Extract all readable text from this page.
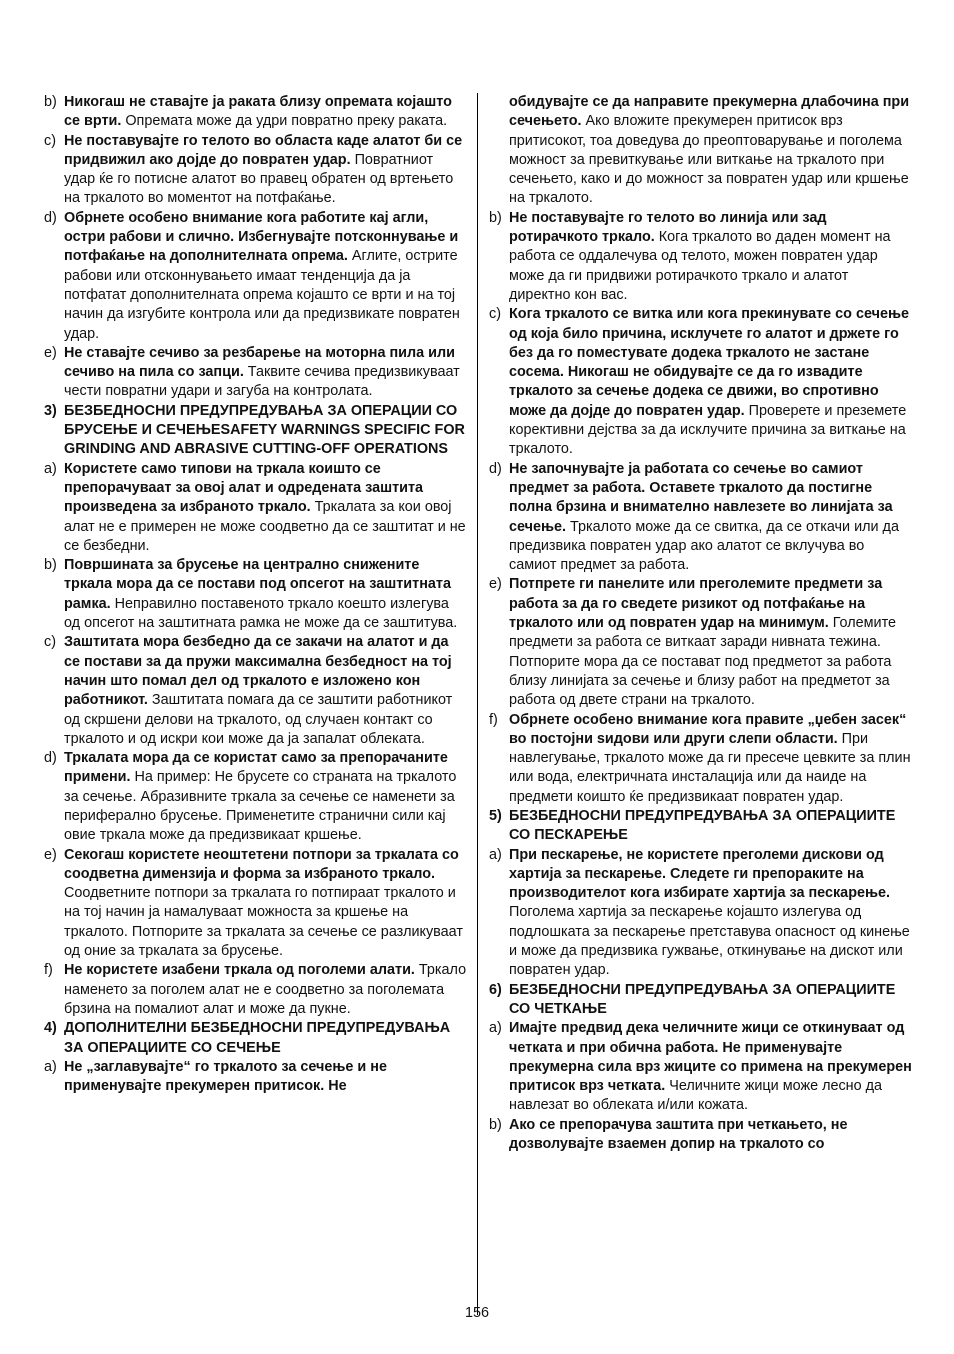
b) Никогаш не ставајте ја раката близу опремата којашто се врти. Опремата може да удри повратно преку раката.
c) Не поставувајте го телото во областа каде алатот би се придвижил ако дојде до повратен удар. Повратниот удар ќе го потисне алатот во правец обратен од вртењето на тркалото во моментот на потфаќање.
d) Обрнете особено внимание кога работите кај агли, остри рабови и слично. Избегнувајте потсконнување и потфаќање на дополнителната опрема. Аглите, острите рабови или отсконнувањето имаат тенденција да ја потфатат дополнителната опрема којашто се врти и на тој начин да изгубите контрола или да предизвикате повратен удар.
e) Не ставајте сечиво за резбарење на моторна пила или сечиво на пила со запци. Таквите сечива предизвикуваат чести повратни удари и загуба на контролата.
3) БЕЗБЕДНОСНИ ПРЕДУПРЕДУВАЊА ЗА ОПЕРАЦИИ СО БРУСЕЊЕ И СЕЧЕЊЕSAFETY WARNINGS SPECIFIC FOR GRINDING AND ABRASIVE CUTTING-OFF OPERATIONS
a) Користете само типови на тркала коишто се препорачуваат за овој алат и одредената заштита произведена за избраното тркало. Тркалата за кои овој алат не е примерен не може соодветно да се заштитат и не се безбедни.
b) Површината за брусење на централно снижените тркала мора да се постави под опсегот на заштитната рамка. Неправилно поставеното тркало коешто излегува од опсегот на заштитната рамка не може да се заштитува.
c) Заштитата мора безбедно да се закачи на алатот и да се постави за да пружи максимална безбедност на тој начин што помал дел од тркалото е изложено кон работникот. Заштитата помага да се заштити работникот од скршени делови на тркалото, од случаен контакт со тркалото и од искри кои може да ја запалат облеката.
d) Тркалата мора да се користат само за препорачаните примени. На пример: Не брусете со страната на тркалото за сечење. Абразивните тркала за сечење се наменети за периферално брусење. Применетите странични сили кај овие тркала може да предизвикаат кршење.
e) Секогаш користете неоштетени потпори за тркалата со соодветна димензија и форма за избраното тркало. Соодветните потпори за тркалата го потпираат тркалото и на тој начин ја намалуваат можноста за кршење на тркалото. Потпорите за тркалата за сечење се разликуваат од оние за тркалата за брусење.
f) Не користете изабени тркала од поголеми алати. Тркало наменето за поголем алат не е соодветно за поголемата брзина на помалиот алат и може да пукне.
4) ДОПОЛНИТЕЛНИ БЕЗБЕДНОСНИ ПРЕДУПРЕДУВАЊА ЗА ОПЕРАЦИИТЕ СО СЕЧЕЊЕ
a) Не „заглавувајте“ го тркалото за сечење и не применувајте прекумерен притисок. Не
обидувајте се да направите прекумерна длабочина при сечењето. Ако вложите прекумерен притисок врз притисокот, тоа доведува до преоптоварување и поголема можност за превиткување или виткање на тркалото при сечењето, како и до можност за повратен удар или кршење на тркалото.
b) Не поставувајте го телото во линија или зад ротирачкото тркало. Кога тркалото во даден момент на работа се оддалечува од телото, можен повратен удар може да ги придвижи ротирачкото тркало и алатот директно кон вас.
c) Кога тркалото се витка или кога прекинувате со сечење од која било причина, исклучете го алатот и држете го без да го поместувате додека тркалото не застане сосема. Никогаш не обидувајте се да го извадите тркалото за сечење додека се движи, во спротивно може да дојде до повратен удар. Проверете и преземете корективни дејства за да исклучите причина за виткање на тркалото.
d) Не започнувајте ја работата со сечење во самиот предмет за работа. Оставете тркалото да постигне полна брзина и внимателно навлезете во линијата за сечење. Тркалото може да се свитка, да се откачи или да предизвика повратен удар ако алатот се вклучува во самиот предмет за работа.
e) Потпрете ги панелите или преголемите предмети за работа за да го сведете ризикот од потфаќање на тркалото или од повратен удар на минимум. Големите предмети за работа се виткаат заради нивната тежина. Потпорите мора да се постават под предметот за работа близу линијата за сечење и близу работ на предметот за работа од двете страни на тркалото.
f) Обрнете особено внимание кога правите „џебен засек“ во постојни ѕидови или други слепи области. При навлегување, тркалото може да ги пресече цевките за плин или вода, електричната инсталација или да наиде на предмети коишто ќе предизвикаат повратен удар.
5) БЕЗБЕДНОСНИ ПРЕДУПРЕДУВАЊА ЗА ОПЕРАЦИИТЕ СО ПЕСКАРЕЊЕ
a) При пескарење, не користете преголеми дискови од хартија за пескарење. Следете ги препораките на производителот кога избирате хартија за пескарење. Поголема хартија за пескарење којашто излегува од подлошката за пескарење претставува опасност од кинење и може да предизвика гужвање, откинување на дискот или повратен удар.
6) БЕЗБЕДНОСНИ ПРЕДУПРЕДУВАЊА ЗА ОПЕРАЦИИТЕ СО ЧЕТКАЊЕ
a) Имајте предвид дека челичните жици се откинуваат од четката и при обична работа. Не применувајте прекумерна сила врз жиците со примена на прекумерен притисок врз четката. Челичните жици може лесно да навлезат во облеката и/или кожата.
b) Ако се препорачува заштита при четкањето, не дозволувајте взаемен допир на тркалото со
156
